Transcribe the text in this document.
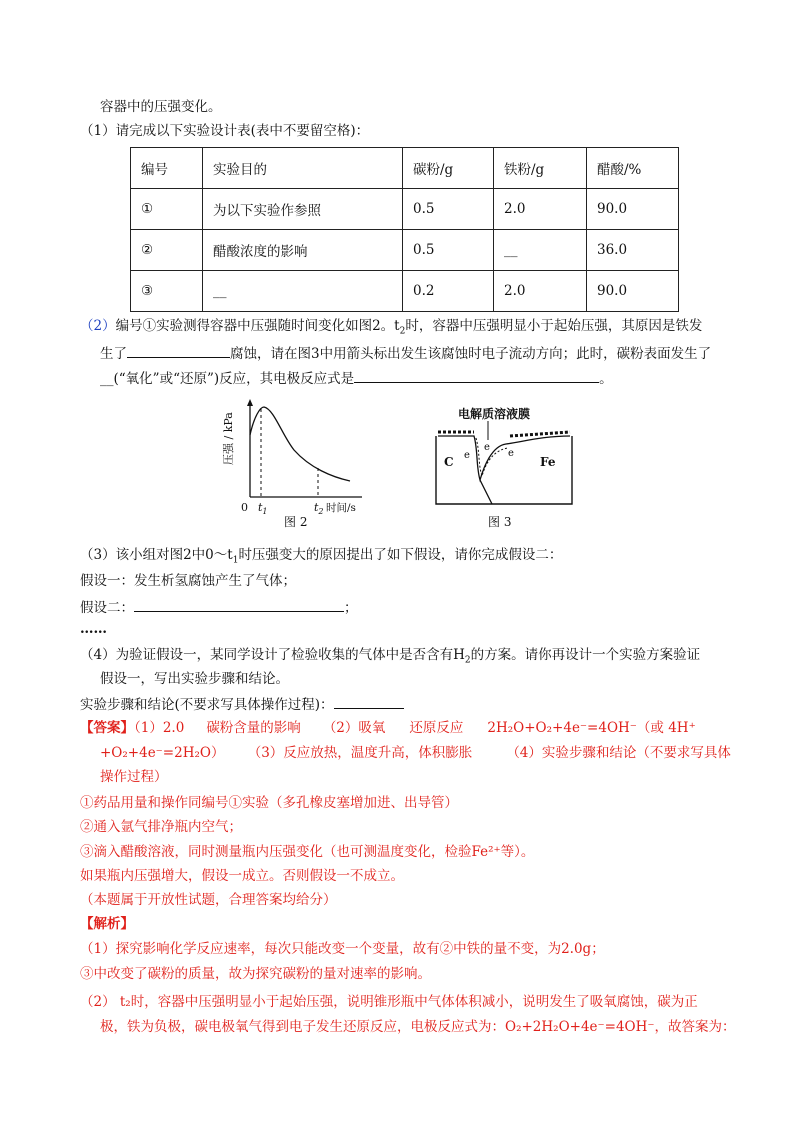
容器中的压强变化。
（1）请完成以下实验设计表(表中不要留空格)：
编号	实验目的	碳粉/g	铁粉/g	醋酸/%
①	为以下实验作参照	0.5	2.0	90.0
②	醋酸浓度的影响	0.5	__	36.0
③	__	0.2	2.0	90.0
（2）编号①实验测得容器中压强随时间变化如图2。$t_2$时，容器中压强明显小于起始压强，其原因是铁发
生了	腐蚀，请在图3中用箭头标出发生该腐蚀时电子流动方向；此时，碳粉表面发生了
__(“氧化”或“还原”)反应，其电极反应式是	。
压强 / kPa
0 $t_1$	$t_2$ 时间/s
图 2
电解质溶液膜
C	Fe
e
e
e
图 3
（3）该小组对图2中$0\sim t_1$时压强变大的原因提出了如下假设，请你完成假设二：
假设一：发生析氢腐蚀产生了气体；
假设二：	；
……
（4）为验证假设一，某同学设计了检验收集的气体中是否含有$H_2$的方案。请你再设计一个实验方案验证
假设一，写出实验步骤和结论。
实验步骤和结论(不要求写具体操作过程)：
【答案】（1）2.0 碳粉含量的影响 （2）吸氧 还原反应 2H₂O+O₂+4e⁻=4OH⁻（或 4H⁺
+O₂+4e⁻=2H₂O） （3）反应放热，温度升高，体积膨胀	（4）实验步骤和结论（不要求写具体
操作过程）
①药品用量和操作同编号①实验（多孔橡皮塞增加进、出导管）
②通入氩气排净瓶内空气；
③滴入醋酸溶液，同时测量瓶内压强变化（也可测温度变化，检验Fe²⁺等）。
如果瓶内压强增大，假设一成立。否则假设一不成立。
（本题属于开放性试题，合理答案均给分）
【解析】
（1）探究影响化学反应速率，每次只能改变一个变量，故有②中铁的量不变，为2.0g；
③中改变了碳粉的质量，故为探究碳粉的量对速率的影响。
（2） t₂时，容器中压强明显小于起始压强，说明锥形瓶中气体体积减小，说明发生了吸氧腐蚀，碳为正
极，铁为负极，碳电极氧气得到电子发生还原反应，电极反应式为：O₂+2H₂O+4e⁻=4OH⁻，故答案为：
